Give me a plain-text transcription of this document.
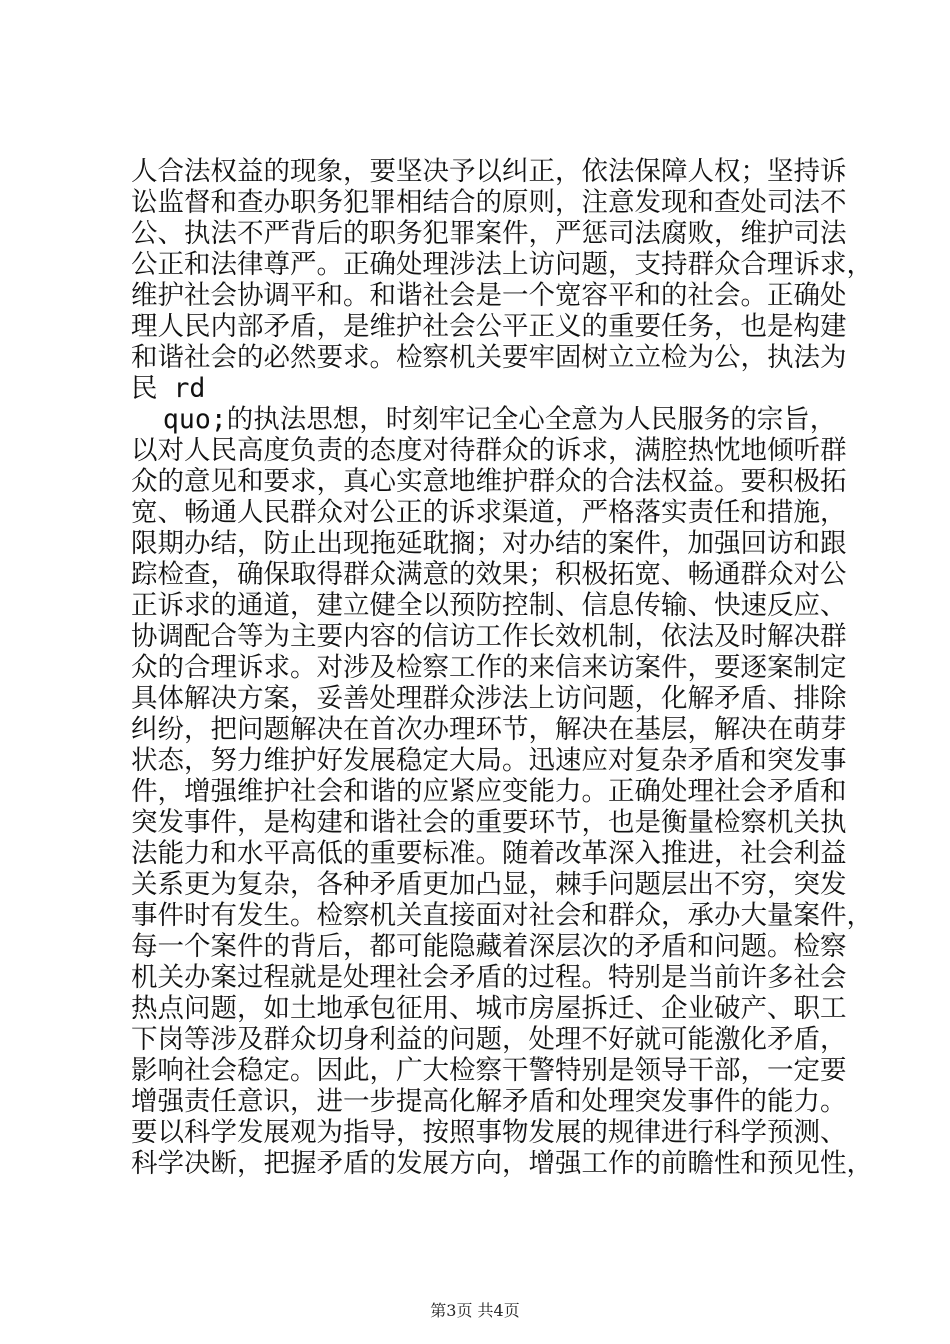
人合法权益的现象，要坚决予以纠正，依法保障人权；坚持诉
讼监督和查办职务犯罪相结合的原则，注意发现和查处司法不
公、执法不严背后的职务犯罪案件，严惩司法腐败，维护司法
公正和法律尊严。正确处理涉法上访问题，支持群众合理诉求，
维护社会协调平和。和谐社会是一个宽容平和的社会。正确处
理人民内部矛盾，是维护社会公平正义的重要任务，也是构建
和谐社会的必然要求。检察机关要牢固树立立检为公，执法为
民 rd
quo;的执法思想，时刻牢记全心全意为人民服务的宗旨，
以对人民高度负责的态度对待群众的诉求，满腔热忱地倾听群
众的意见和要求，真心实意地维护群众的合法权益。要积极拓
宽、畅通人民群众对公正的诉求渠道，严格落实责任和措施，
限期办结，防止出现拖延耽搁；对办结的案件，加强回访和跟
踪检查，确保取得群众满意的效果；积极拓宽、畅通群众对公
正诉求的通道，建立健全以预防控制、信息传输、快速反应、
协调配合等为主要内容的信访工作长效机制，依法及时解决群
众的合理诉求。对涉及检察工作的来信来访案件，要逐案制定
具体解决方案，妥善处理群众涉法上访问题，化解矛盾、排除
纠纷，把问题解决在首次办理环节，解决在基层，解决在萌芽
状态，努力维护好发展稳定大局。迅速应对复杂矛盾和突发事
件，增强维护社会和谐的应紧应变能力。正确处理社会矛盾和
突发事件，是构建和谐社会的重要环节，也是衡量检察机关执
法能力和水平高低的重要标准。随着改革深入推进，社会利益
关系更为复杂，各种矛盾更加凸显，棘手问题层出不穷，突发
事件时有发生。检察机关直接面对社会和群众，承办大量案件，
每一个案件的背后，都可能隐藏着深层次的矛盾和问题。检察
机关办案过程就是处理社会矛盾的过程。特别是当前许多社会
热点问题，如土地承包征用、城市房屋拆迁、企业破产、职工
下岗等涉及群众切身利益的问题，处理不好就可能激化矛盾，
影响社会稳定。因此，广大检察干警特别是领导干部，一定要
增强责任意识，进一步提高化解矛盾和处理突发事件的能力。
要以科学发展观为指导，按照事物发展的规律进行科学预测、
科学决断，把握矛盾的发展方向，增强工作的前瞻性和预见性，
第3页 共4页
